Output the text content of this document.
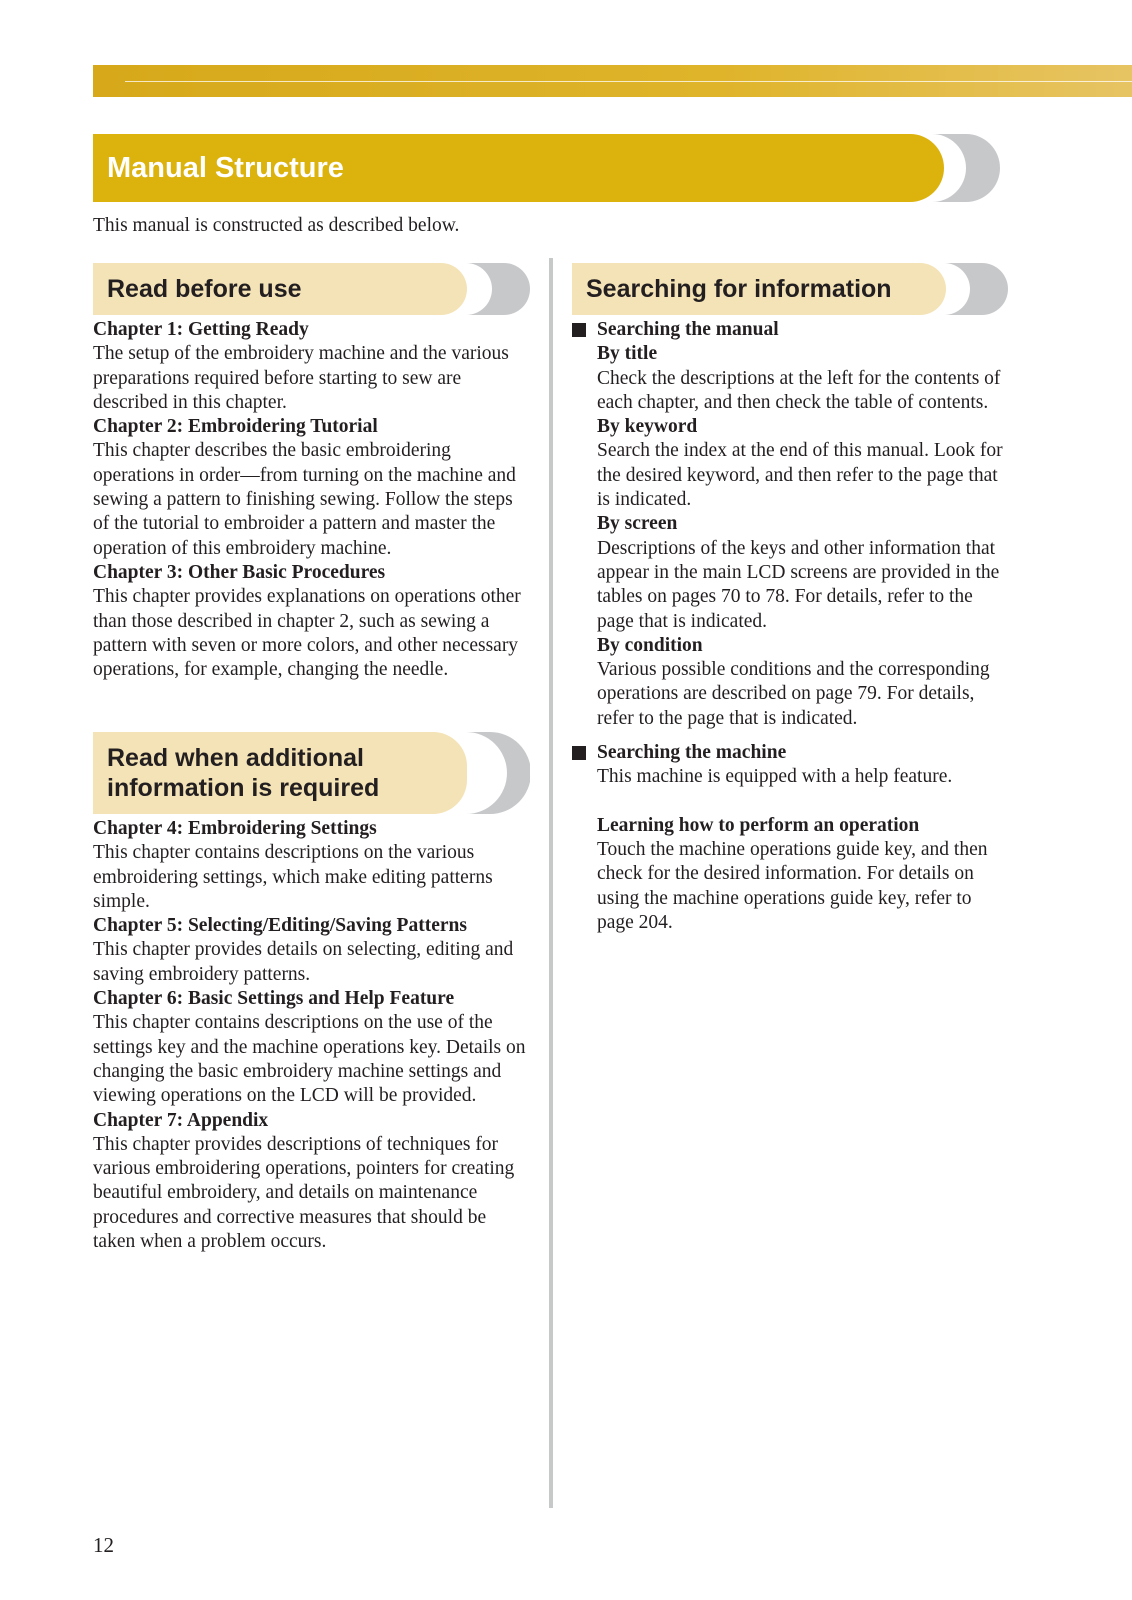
Manual Structure
This manual is constructed as described below.
Read before use

Chapter 1: Getting Ready

The setup of the embroidery machine and the various preparations required before starting to sew are described in this chapter.

Chapter 2: Embroidering Tutorial

This chapter describes the basic embroidering operations in order—from turning on the machine and sewing a pattern to finishing sewing. Follow the steps of the tutorial to embroider a pattern and master the operation of this embroidery machine.

Chapter 3: Other Basic Procedures

This chapter provides explanations on operations other than those described in chapter 2, such as sewing a pattern with seven or more colors, and other necessary operations, for example, changing the needle.

Read when additional
information is required

Chapter 4: Embroidering Settings

This chapter contains descriptions on the various embroidering settings, which make editing patterns simple.

Chapter 5: Selecting/Editing/Saving Patterns

This chapter provides details on selecting, editing and saving embroidery patterns.

Chapter 6: Basic Settings and Help Feature

This chapter contains descriptions on the use of the settings key and the machine operations key. Details on changing the basic embroidery machine settings and viewing operations on the LCD will be provided.

Chapter 7: Appendix

This chapter provides descriptions of techniques for various embroidering operations, pointers for creating beautiful embroidery, and details on maintenance procedures and corrective measures that should be taken when a problem occurs.

Searching for information

Searching the manual

By title

Check the descriptions at the left for the contents of each chapter, and then check the table of contents.

By keyword

Search the index at the end of this manual. Look for the desired keyword, and then refer to the page that is indicated.

By screen

Descriptions of the keys and other information that appear in the main LCD screens are provided in the tables on pages 70 to 78. For details, refer to the page that is indicated.

By condition

Various possible conditions and the corresponding operations are described on page 79. For details, refer to the page that is indicated.

Searching the machine

This machine is equipped with a help feature.

Learning how to perform an operation

Touch the machine operations guide key, and then check for the desired information. For details on using the machine operations guide key, refer to page 204.

12
